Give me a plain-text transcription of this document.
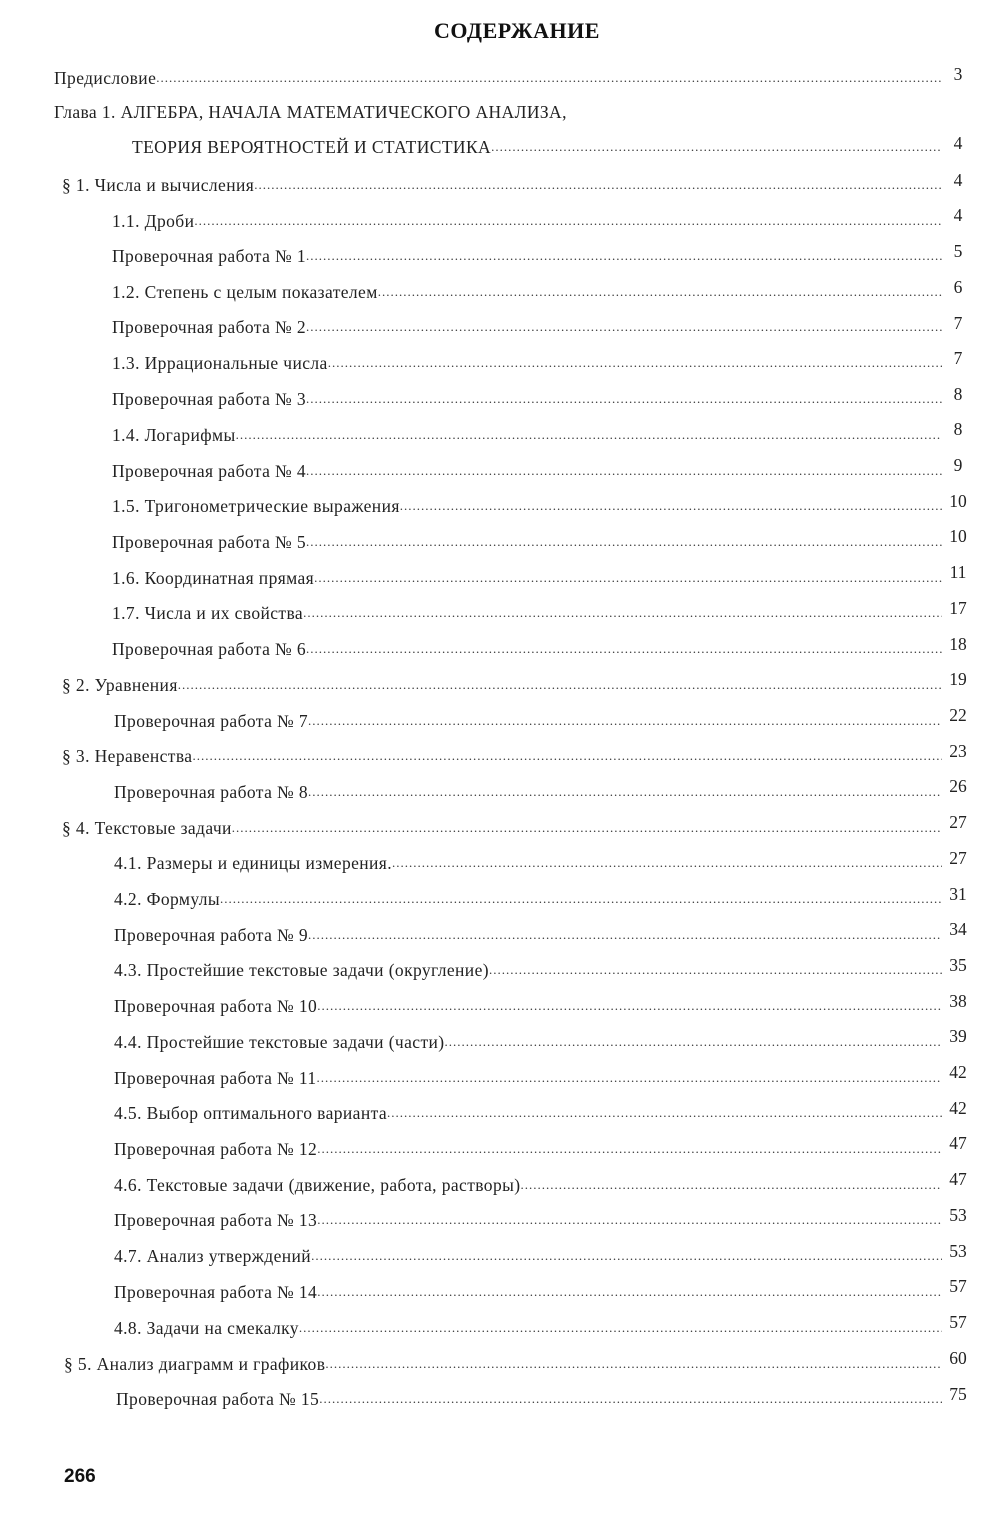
СОДЕРЖАНИЕ
Глава 1. АЛГЕБРА, НАЧАЛА МАТЕМАТИЧЕСКОГО АНАЛИЗА,
Предисловие .....	3
ТЕОРИЯ ВЕРОЯТНОСТЕЙ И СТАТИСТИКА .....	4
§ 1. Числа и вычисления .....	4
1.1. Дроби .....	4
Проверочная работа № 1 .....	5
1.2. Степень с целым показателем .....	6
Проверочная работа № 2 .....	7
1.3. Иррациональные числа .....	7
Проверочная работа № 3 .....	8
1.4. Логарифмы .....	8
Проверочная работа № 4 .....	9
1.5. Тригонометрические выражения .....	10
Проверочная работа № 5 .....	10
1.6. Координатная прямая .....	11
1.7. Числа и их свойства .....	17
Проверочная работа № 6 .....	18
§ 2. Уравнения .....	19
Проверочная работа № 7 .....	22
§ 3. Неравенства .....	23
Проверочная работа № 8 .....	26
§ 4. Текстовые задачи .....	27
4.1. Размеры и единицы измерения. .....	27
4.2. Формулы .....	31
Проверочная работа № 9 .....	34
4.3. Простейшие текстовые задачи (округление) .....	35
Проверочная работа № 10 .....	38
4.4. Простейшие текстовые задачи (части) .....	39
Проверочная работа № 11 .....	42
4.5. Выбор оптимального варианта .....	42
Проверочная работа № 12 .....	47
4.6. Текстовые задачи (движение, работа, растворы) .....	47
Проверочная работа № 13 .....	53
4.7. Анализ утверждений .....	53
Проверочная работа № 14 .....	57
4.8. Задачи на смекалку .....	57
§ 5. Анализ диаграмм и графиков .....	60
Проверочная работа № 15 .....	75
266
